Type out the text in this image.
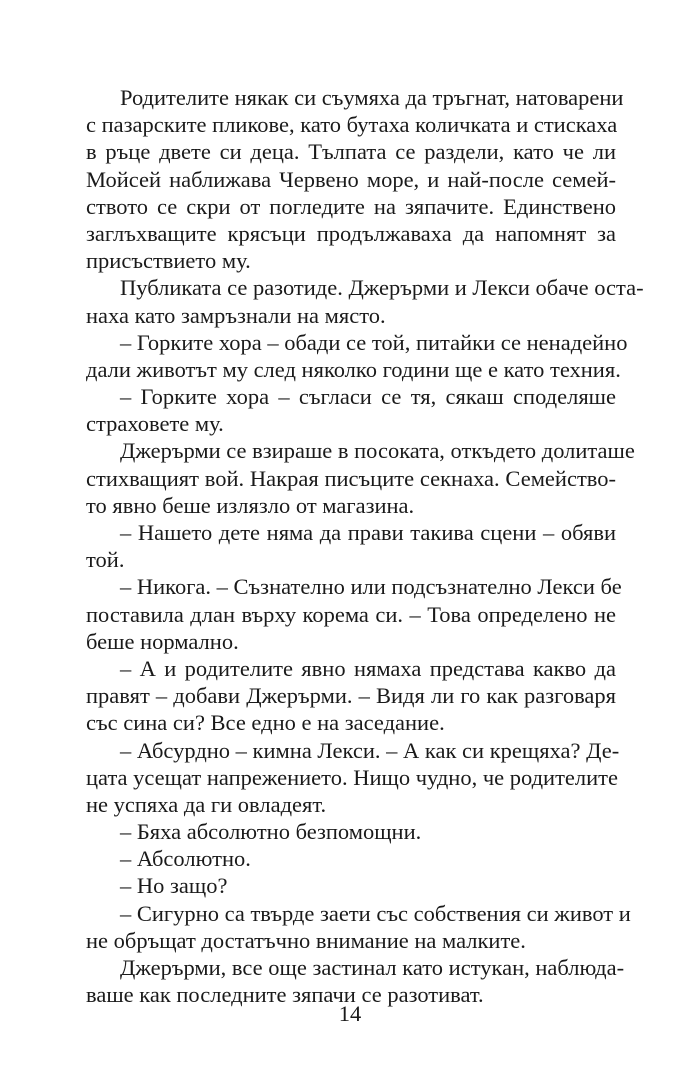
Родителите някак си съумяха да тръгнат, натоварени
с пазарските пликове, като бутаха количката и стискаха
в ръце двете си деца. Тълпата се раздели, като че ли
Мойсей наближава Червено море, и най-после семей-
ството се скри от погледите на зяпачите. Единствено
заглъхващите крясъци продължаваха да напомнят за
присъствието му.
Публиката се разотиде. Джерърми и Лекси обаче оста-
наха като замръзнали на място.
– Горките хора – обади се той, питайки се ненадейно
дали животът му след няколко години ще е като техния.
– Горките хора – съгласи се тя, сякаш споделяше
страховете му.
Джерърми се взираше в посоката, откъдето долиташе
стихващият вой. Накрая писъците секнаха. Семейство-
то явно беше излязло от магазина.
– Нашето дете няма да прави такива сцени – обяви
той.
– Никога. – Съзнателно или подсъзнателно Лекси бе
поставила длан върху корема си. – Това определено не
беше нормално.
– А и родителите явно нямаха представа какво да
правят – добави Джерърми. – Видя ли го как разговаря
със сина си? Все едно е на заседание.
– Абсурдно – кимна Лекси. – А как си крещяха? Де-
цата усещат напрежението. Нищо чудно, че родителите
не успяха да ги овладеят.
– Бяха абсолютно безпомощни.
– Абсолютно.
– Но защо?
– Сигурно са твърде заети със собствения си живот и
не обръщат достатъчно внимание на малките.
Джерърми, все още застинал като истукан, наблюда-
ваше как последните зяпачи се разотиват.
14
